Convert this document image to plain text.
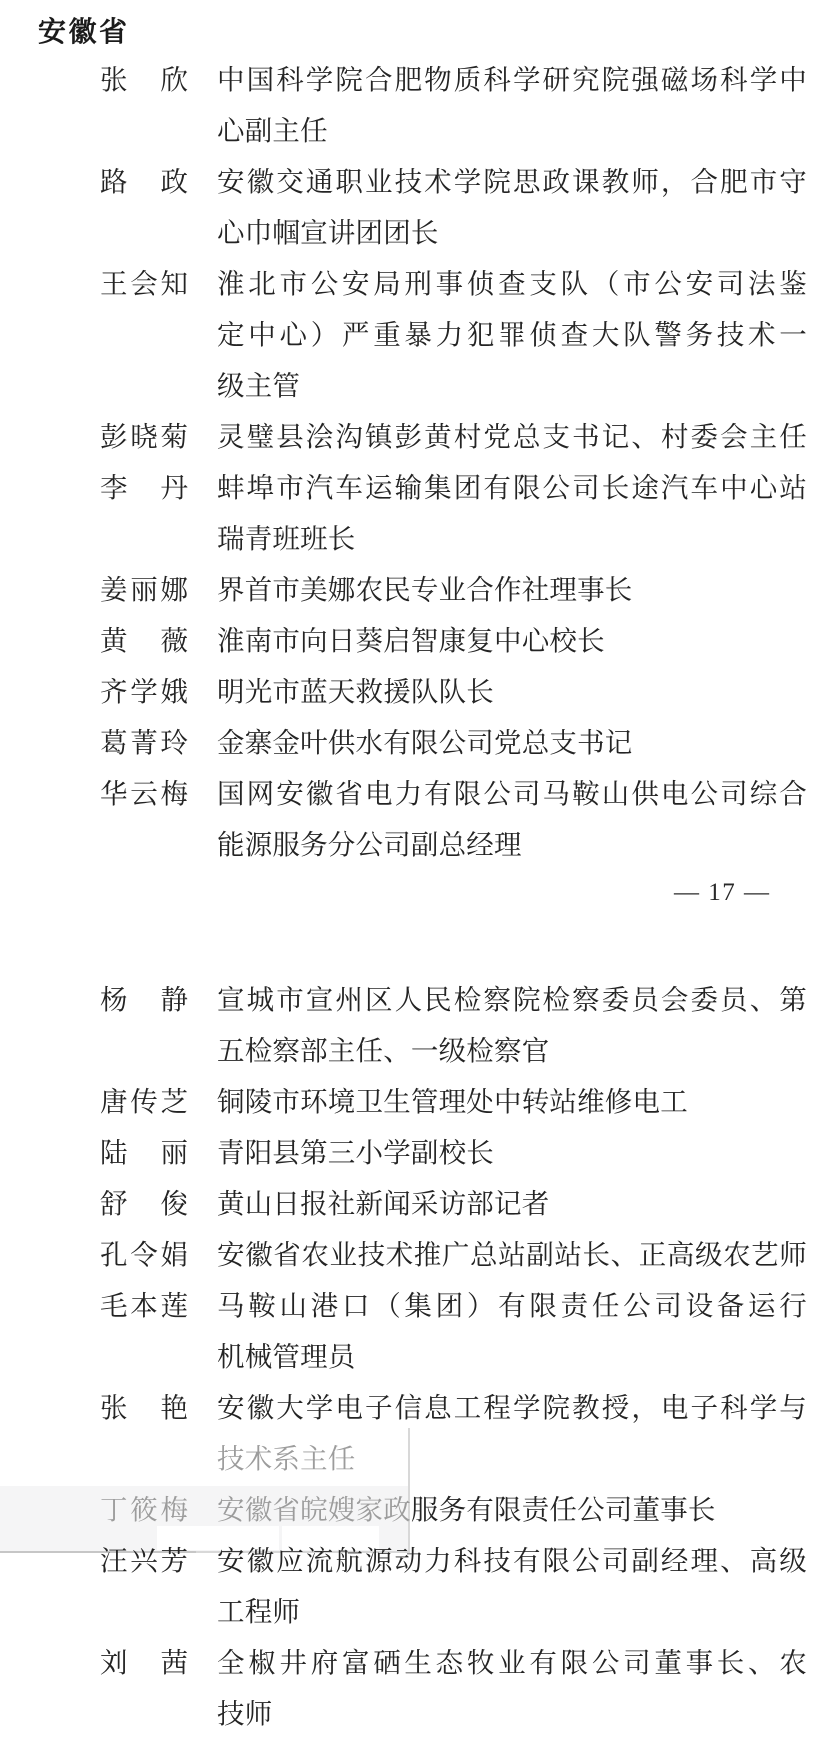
安徽省
张　欣 中国科学院合肥物质科学研究院强磁场科学中
心副主任
路　政 安徽交通职业技术学院思政课教师，合肥市守
心巾帼宣讲团团长
王会知 淮北市公安局刑事侦查支队（市公安司法鉴
定中心）严重暴力犯罪侦查大队警务技术一
级主管
彭晓菊 灵璧县浍沟镇彭黄村党总支书记、村委会主任
李　丹 蚌埠市汽车运输集团有限公司长途汽车中心站
瑞青班班长
姜丽娜 界首市美娜农民专业合作社理事长
黄　薇 淮南市向日葵启智康复中心校长
齐学娥 明光市蓝天救援队队长
葛菁玲 金寨金叶供水有限公司党总支书记
华云梅 国网安徽省电力有限公司马鞍山供电公司综合
能源服务分公司副总经理
— 17 —
杨　静 宣城市宣州区人民检察院检察委员会委员、第
五检察部主任、一级检察官
唐传芝 铜陵市环境卫生管理处中转站维修电工
陆　丽 青阳县第三小学副校长
舒　俊 黄山日报社新闻采访部记者
孔令娟 安徽省农业技术推广总站副站长、正高级农艺师
毛本莲 马鞍山港口（集团）有限责任公司设备运行
机械管理员
张　艳 安徽大学电子信息工程学院教授，电子科学与
技术系主任
丁筱梅 安徽省皖嫂家政服务有限责任公司董事长
汪兴芳 安徽应流航源动力科技有限公司副经理、高级
工程师
刘　茜 全椒井府富硒生态牧业有限公司董事长、农
技师
